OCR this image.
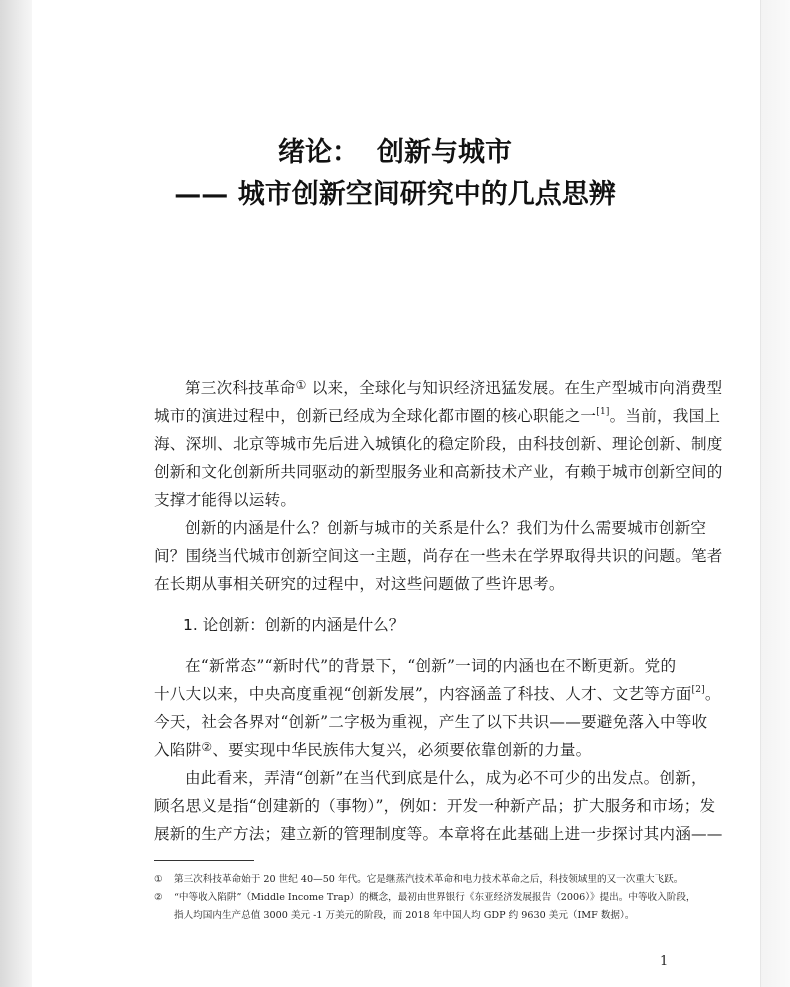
绪论： 创新与城市
—— 城市创新空间研究中的几点思辨
第三次科技革命① 以来，全球化与知识经济迅猛发展。在生产型城市向消费型
城市的演进过程中，创新已经成为全球化都市圈的核心职能之一[1]。当前，我国上
海、深圳、北京等城市先后进入城镇化的稳定阶段，由科技创新、理论创新、制度
创新和文化创新所共同驱动的新型服务业和高新技术产业，有赖于城市创新空间的
支撑才能得以运转。
创新的内涵是什么？创新与城市的关系是什么？我们为什么需要城市创新空
间？围绕当代城市创新空间这一主题，尚存在一些未在学界取得共识的问题。笔者
在长期从事相关研究的过程中，对这些问题做了些许思考。
1. 论创新：创新的内涵是什么？
在“新常态”“新时代”的背景下，“创新”一词的内涵也在不断更新。党的
十八大以来，中央高度重视“创新发展”，内容涵盖了科技、人才、文艺等方面[2]。
今天，社会各界对“创新”二字极为重视，产生了以下共识——要避免落入中等收
入陷阱②、要实现中华民族伟大复兴，必须要依靠创新的力量。
由此看来，弄清“创新”在当代到底是什么，成为必不可少的出发点。创新，
顾名思义是指“创建新的（事物）”，例如：开发一种新产品；扩大服务和市场；发
展新的生产方法；建立新的管理制度等。本章将在此基础上进一步探讨其内涵——
① 第三次科技革命始于 20 世纪 40—50 年代。它是继蒸汽技术革命和电力技术革命之后，科技领域里的又一次重大飞跃。
② “中等收入陷阱”（Middle Income Trap）的概念，最初由世界银行《东亚经济发展报告（2006）》提出。中等收入阶段，
指人均国内生产总值 3000 美元 -1 万美元的阶段，而 2018 年中国人均 GDP 约 9630 美元（IMF 数据）。
1
